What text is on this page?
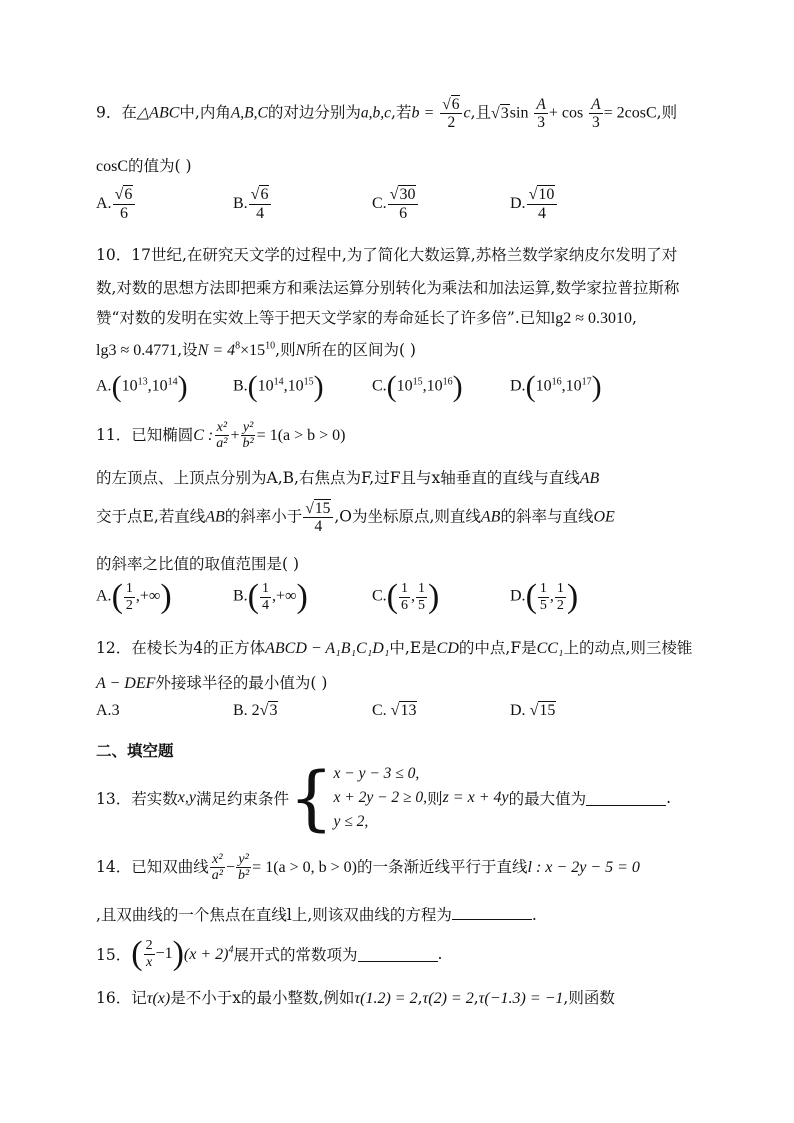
9．在△ABC中,内角A,B,C的对边分别为a,b,c,若$b = \frac{√6}{2} c$,且$√3\sin \frac{A}{3} + \cos \frac{A}{3} = 2\cos C$,则
cosC的值为( )
A. $\frac{√6}{6}$	B. $\frac{√6}{4}$	C. $\frac{√30}{6}$	D. $\frac{√10}{4}$
10．17世纪,在研究天文学的过程中,为了简化大数运算,苏格兰数学家纳皮尔发明了对
数,对数的思想方法即把乘方和乘法运算分别转化为乘法和加法运算,数学家拉普拉斯称
赞“对数的发明在实效上等于把天文学家的寿命延长了许多倍”.已知lg2 ≈ 0.3010,
lg3 ≈ 0.4771,设$N = 4^8\times 15^{10}$,则N所在的区间为( )
$A.(10^{13},10^{14})$	$B.(10^{14},10^{15})$	$C.(10^{15},10^{16})$	$D.(10^{16},10^{17})$
11．已知椭圆C : $\frac{\text{x²}}{\text{a²}} + \frac{\text{y²}}{\text{b²}} = 1(a > b > 0)$
的左顶点、上顶点分别为A,B,右焦点为F,过F且与x轴垂直的直线与直线AB
交于点E,若直线AB的斜率小于 $\frac{√15}{4} ,O$为坐标原点,则直线AB的斜率与直线OE
的斜率之比值的取值范围是( )
$A.( \frac{1}{2}$ ,+∞)	$B.( \frac{1}{4}$ ,+∞)	$C.( \frac{1}{6}$ , $\frac{1}{5}$ )	$D.( \frac{1}{5}$ , $\frac{1}{2}$ )
12．在棱长为4的正方体ABCD − A₁B₁C₁D₁中,E是CD的中点,F是CC₁上的动点,则三棱锥
A − DEF外接球半径的最小值为( )
A.3	B. 2√3	C. √13	D. √15
二、填空题
13．若实数x,y满足约束条件{ x − y − 3 ≤ 0,
x + 2y − 2 ≥ 0,
y ≤ 2,
则z = x + 4y的最大值为	.
14．已知双曲线 $\frac{\text{x²}}{\text{a²}} - \frac{\text{y²}}{\text{b²}} = 1(a > 0$, b > 0)的一条渐近线平行于直线l : x − 2y − 5 = 0
,且双曲线的一个焦点在直线l上,则该双曲线的方程为	.
15．( $\frac{2}{x} -1)(x + 2)^4$展开式的常数项为	.
16．记τ(x)是不小于x的最小整数,例如τ(1.2) = 2,τ(2) = 2,τ(−1.3) = −1,则函数
